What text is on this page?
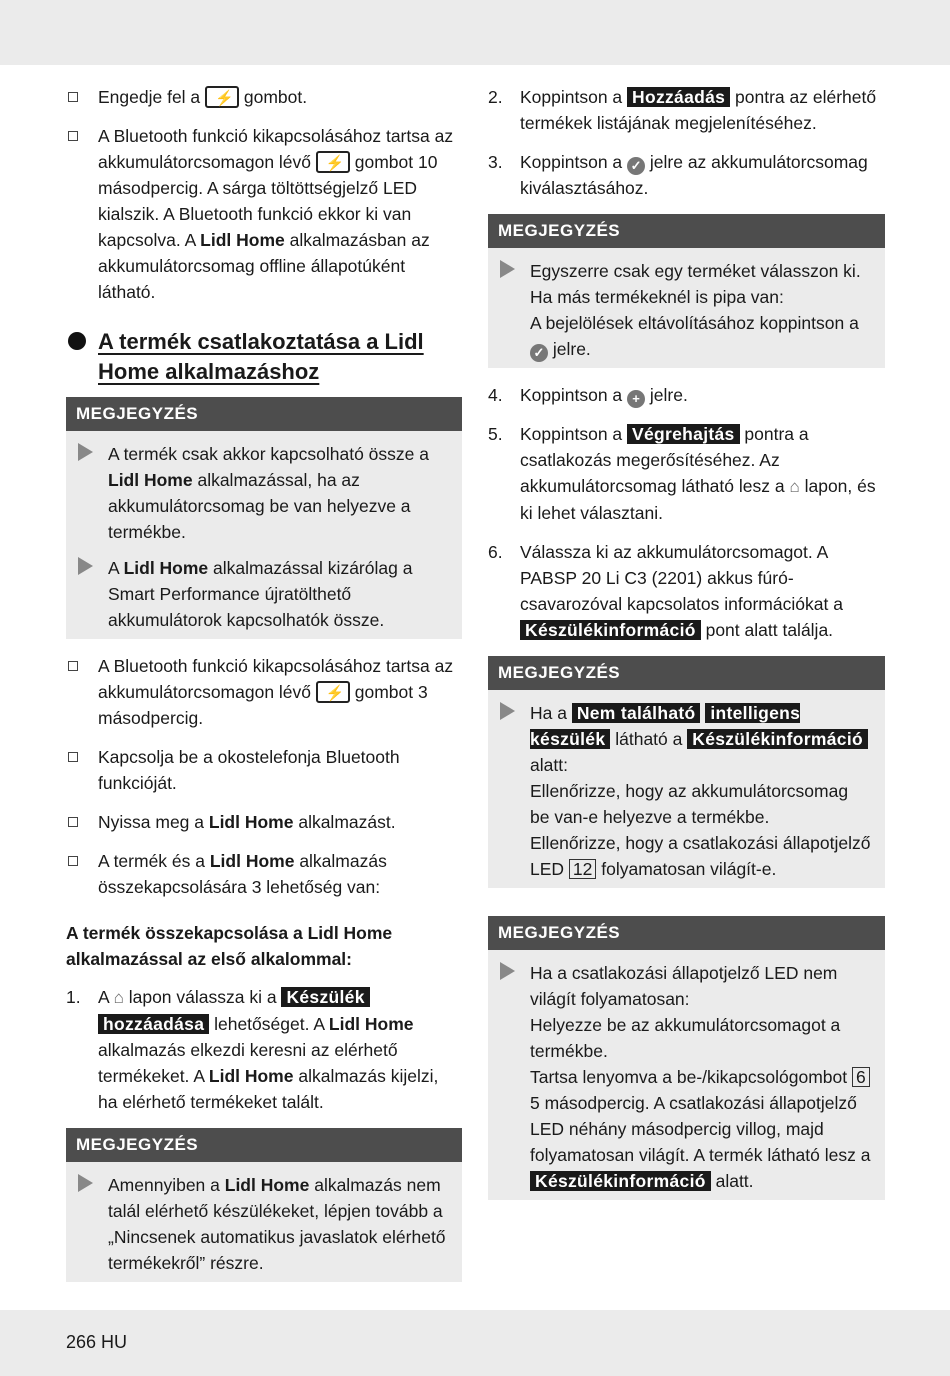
Engedje fel a ⚡ gombot.
A Bluetooth funkció kikapcsolásához tartsa az akkumulátorcsomagon lévő ⚡ gombot 10 másodpercig. A sárga töltöttségjelző LED kialszik. A Bluetooth funkció ekkor ki van kapcsolva. A Lidl Home alkalmazásban az akkumulátorcsomag offline állapotúként látható.
A termék csatlakoztatása a Lidl Home alkalmazáshoz
MEGJEGYZÉS
A termék csak akkor kapcsolható össze a Lidl Home alkalmazással, ha az akkumulátorcsomag be van helyezve a termékbe.
A Lidl Home alkalmazással kizárólag a Smart Performance újratölthető akkumulátorok kapcsolhatók össze.
A Bluetooth funkció kikapcsolásához tartsa az akkumulátorcsomagon lévő ⚡ gombot 3 másodpercig.
Kapcsolja be a okostelefonja Bluetooth funkcióját.
Nyissa meg a Lidl Home alkalmazást.
A termék és a Lidl Home alkalmazás összekapcsolására 3 lehetőség van:
A termék összekapcsolása a Lidl Home alkalmazással az első alkalommal:
1. A ⌂ lapon válassza ki a Készülék hozzáadása lehetőséget. A Lidl Home alkalmazás elkezdi keresni az elérhető termékeket. A Lidl Home alkalmazás kijelzi, ha elérhető termékeket talált.
MEGJEGYZÉS
Amennyiben a Lidl Home alkalmazás nem talál elérhető készülékeket, lépjen tovább a „Nincsenek automatikus javaslatok elérhető termékekről” részre.
2. Koppintson a Hozzáadás pontra az elérhető termékek listájának megjelenítéséhez.
3. Koppintson a ✓ jelre az akkumulátorcsomag kiválasztásához.
MEGJEGYZÉS
Egyszerre csak egy terméket válasszon ki.
Ha más termékeknél is pipa van:
A bejelölések eltávolításához koppintson a ✓ jelre.
4. Koppintson a + jelre.
5. Koppintson a Végrehajtás pontra a csatlakozás megerősítéséhez. Az akkumulátorcsomag látható lesz a ⌂ lapon, és ki lehet választani.
6. Válassza ki az akkumulátorcsomagot. A PABSP 20 Li C3 (2201) akkus fúró-csavarozóval kapcsolatos információkat a Készülékinformáció pont alatt találja.
MEGJEGYZÉS
Ha a Nem található intelligens készülék látható a Készülékinformáció alatt:
Ellenőrizze, hogy az akkumulátorcsomag be van-e helyezve a termékbe.
Ellenőrizze, hogy a csatlakozási állapotjelző LED 12 folyamatosan világít-e.
MEGJEGYZÉS
Ha a csatlakozási állapotjelző LED nem világít folyamatosan:
Helyezze be az akkumulátorcsomagot a termékbe.
Tartsa lenyomva a be-/kikapcsológombot 6 5 másodpercig. A csatlakozási állapotjelző LED néhány másodpercig villog, majd folyamatosan világít. A termék látható lesz a Készülékinformáció alatt.
266 HU
